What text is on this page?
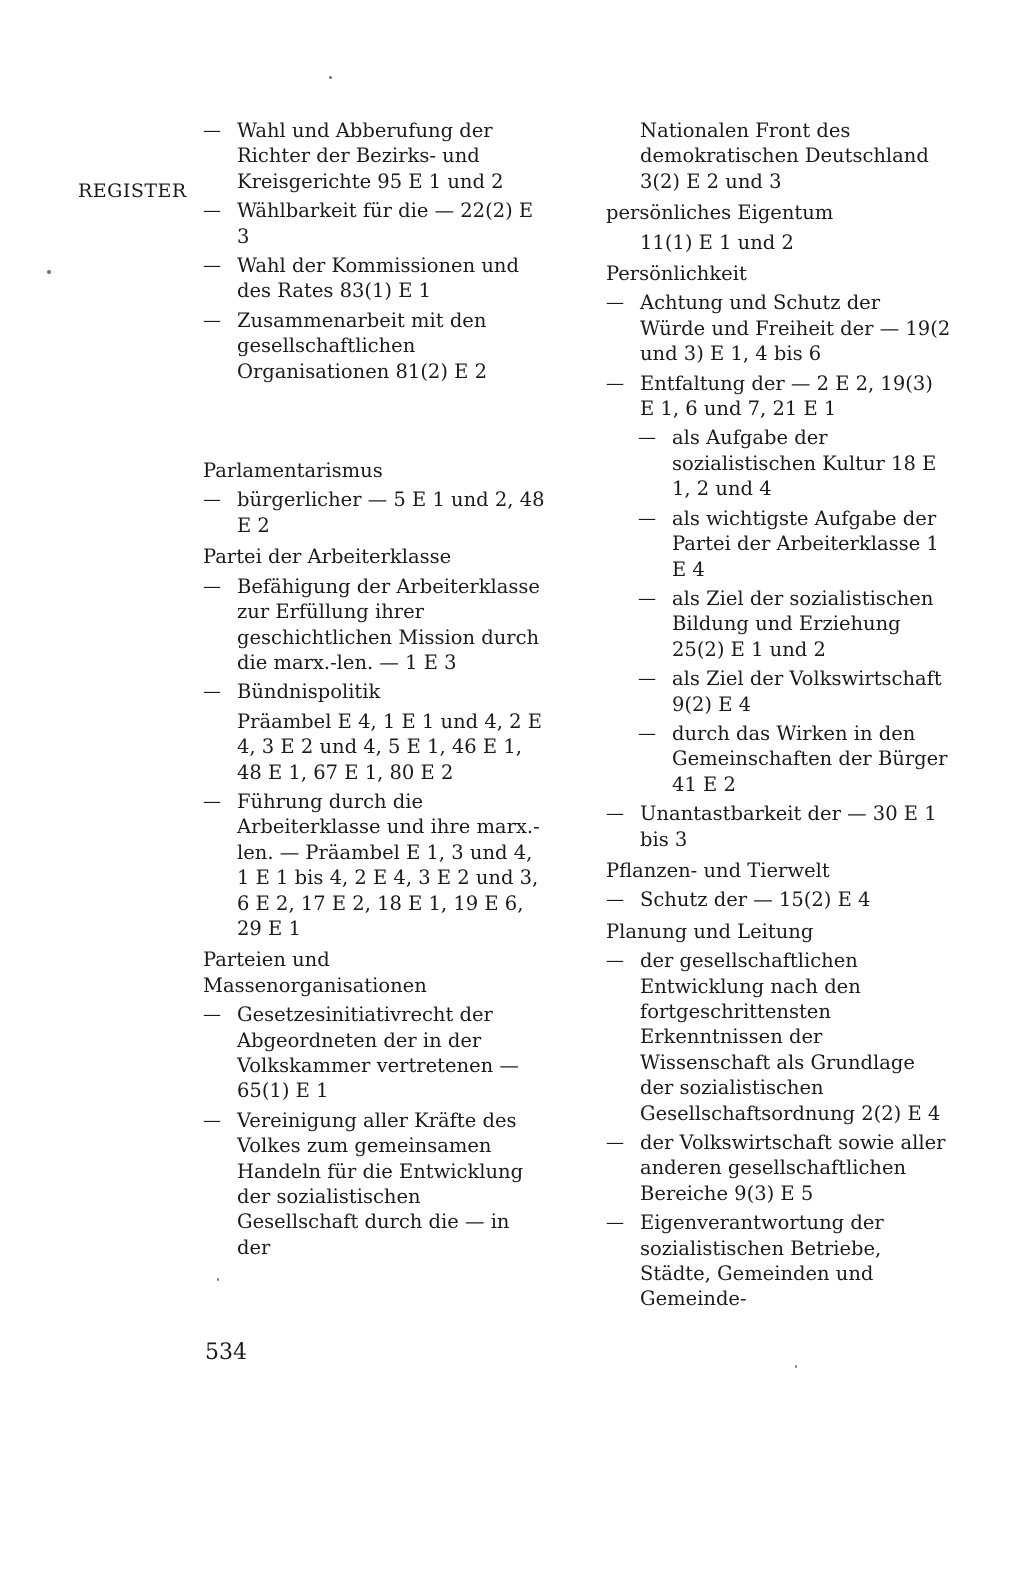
REGISTER
— Wahl und Abberufung der Richter der Bezirks- und Kreisgerichte 95 E 1 und 2
— Wählbarkeit für die — 22(2) E 3
— Wahl der Kommissionen und des Rates 83(1) E 1
— Zusammenarbeit mit den gesellschaftlichen Organisationen 81(2) E 2
Parlamentarismus
— bürgerlicher — 5 E 1 und 2, 48 E 2
Partei der Arbeiterklasse
— Befähigung der Arbeiterklasse zur Erfüllung ihrer geschichtlichen Mission durch die marx.-len. — 1 E 3
— Bündnispolitik
Präambel E 4, 1 E 1 und 4, 2 E 4, 3 E 2 und 4, 5 E 1, 46 E 1, 48 E 1, 67 E 1, 80 E 2
— Führung durch die Arbeiterklasse und ihre marx.-len. — Präambel E 1, 3 und 4, 1 E 1 bis 4, 2 E 4, 3 E 2 und 3, 6 E 2, 17 E 2, 18 E 1, 19 E 6, 29 E 1
Parteien und Massenorganisationen
— Gesetzesinitiativrecht der Abgeordneten der in der Volkskammer vertretenen — 65(1) E 1
— Vereinigung aller Kräfte des Volkes zum gemeinsamen Handeln für die Entwicklung der sozialistischen Gesellschaft durch die — in der
Nationalen Front des demokratischen Deutschland 3(2) E 2 und 3
persönliches Eigentum
11(1) E 1 und 2
Persönlichkeit
— Achtung und Schutz der Würde und Freiheit der — 19(2 und 3) E 1, 4 bis 6
— Entfaltung der — 2 E 2, 19(3) E 1, 6 und 7, 21 E 1
— als Aufgabe der sozialistischen Kultur 18 E 1, 2 und 4
— als wichtigste Aufgabe der Partei der Arbeiterklasse 1 E 4
— als Ziel der sozialistischen Bildung und Erziehung 25(2) E 1 und 2
— als Ziel der Volkswirtschaft 9(2) E 4
— durch das Wirken in den Gemeinschaften der Bürger 41 E 2
— Unantastbarkeit der — 30 E 1 bis 3
Pflanzen- und Tierwelt
— Schutz der — 15(2) E 4
Planung und Leitung
— der gesellschaftlichen Entwicklung nach den fortgeschrittensten Erkenntnissen der Wissenschaft als Grundlage der sozialistischen Gesellschaftsordnung 2(2) E 4
— der Volkswirtschaft sowie aller anderen gesellschaftlichen Bereiche 9(3) E 5
— Eigenverantwortung der sozialistischen Betriebe, Städte, Gemeinden und Gemeinde-
534
